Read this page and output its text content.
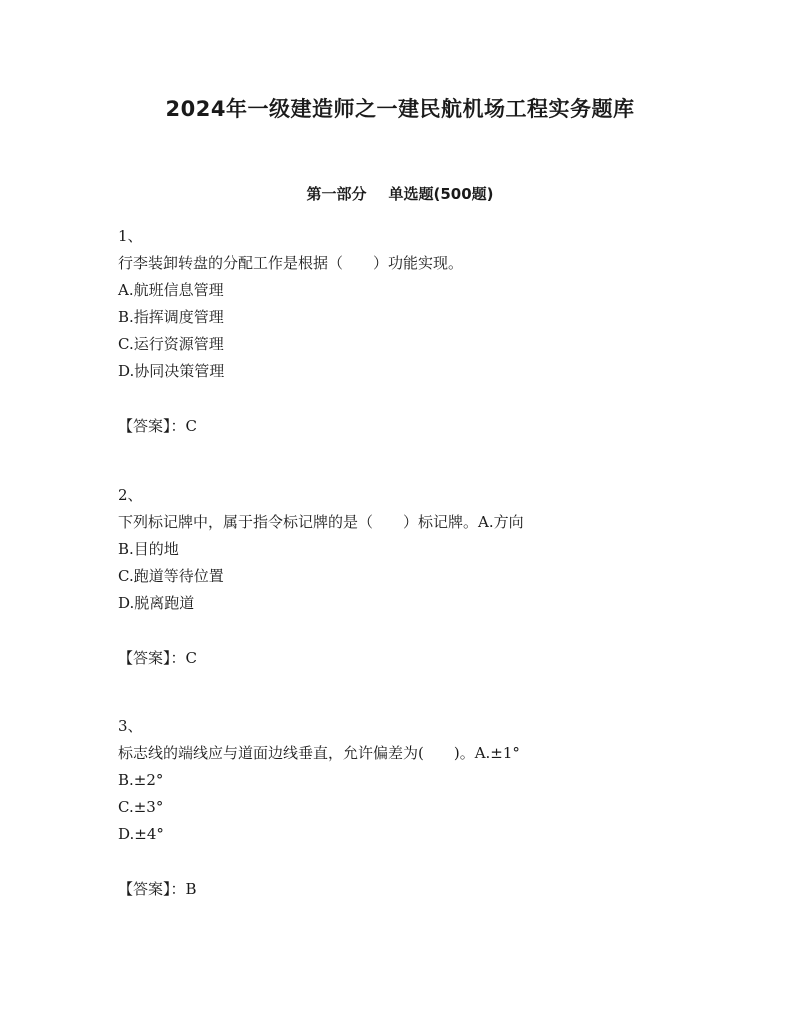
2024年一级建造师之一建民航机场工程实务题库
第一部分 单选题(500题)
1、
行李装卸转盘的分配工作是根据（　　）功能实现。
A.航班信息管理
B.指挥调度管理
C.运行资源管理
D.协同决策管理
【答案】：C
2、
下列标记牌中，属于指令标记牌的是（　　）标记牌。A.方向
B.目的地
C.跑道等待位置
D.脱离跑道
【答案】：C
3、
标志线的端线应与道面边线垂直，允许偏差为(　　)。A.±1°
B.±2°
C.±3°
D.±4°
【答案】：B
